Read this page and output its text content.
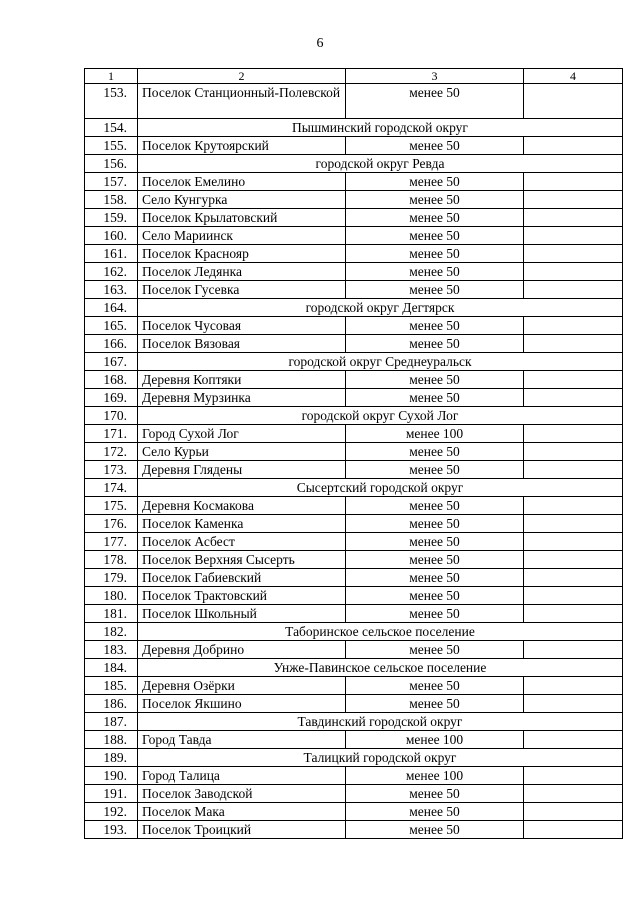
6
1	2	3	4
153.	Поселок Станционный-Полевской	менее 50	
154.	Пышминский городской округ		
155.	Поселок Крутоярский	менее 50	
156.	городской округ Ревда		
157.	Поселок Емелино	менее 50	
158.	Село Кунгурка	менее 50	
159.	Поселок Крылатовский	менее 50	
160.	Село Мариинск	менее 50	
161.	Поселок Краснояр	менее 50	
162.	Поселок Ледянка	менее 50	
163.	Поселок Гусевка	менее 50	
164.	городской округ Дегтярск		
165.	Поселок Чусовая	менее 50	
166.	Поселок Вязовая	менее 50	
167.	городской округ Среднеуральск		
168.	Деревня Коптяки	менее 50	
169.	Деревня Мурзинка	менее 50	
170.	городской округ Сухой Лог		
171.	Город Сухой Лог	менее 100	
172.	Село Курьи	менее 50	
173.	Деревня Глядены	менее 50	
174.	Сысертский городской округ		
175.	Деревня Космакова	менее 50	
176.	Поселок Каменка	менее 50	
177.	Поселок Асбест	менее 50	
178.	Поселок Верхняя Сысерть	менее 50	
179.	Поселок Габиевский	менее 50	
180.	Поселок Трактовский	менее 50	
181.	Поселок Школьный	менее 50	
182.	Таборинское сельское поселение		
183.	Деревня Добрино	менее 50	
184.	Унже-Павинское сельское поселение		
185.	Деревня Озёрки	менее 50	
186.	Поселок Якшино	менее 50	
187.	Тавдинский городской округ		
188.	Город Тавда	менее 100	
189.	Талицкий городской округ		
190.	Город Талица	менее 100	
191.	Поселок Заводской	менее 50	
192.	Поселок Мака	менее 50	
193.	Поселок Троицкий	менее 50	
